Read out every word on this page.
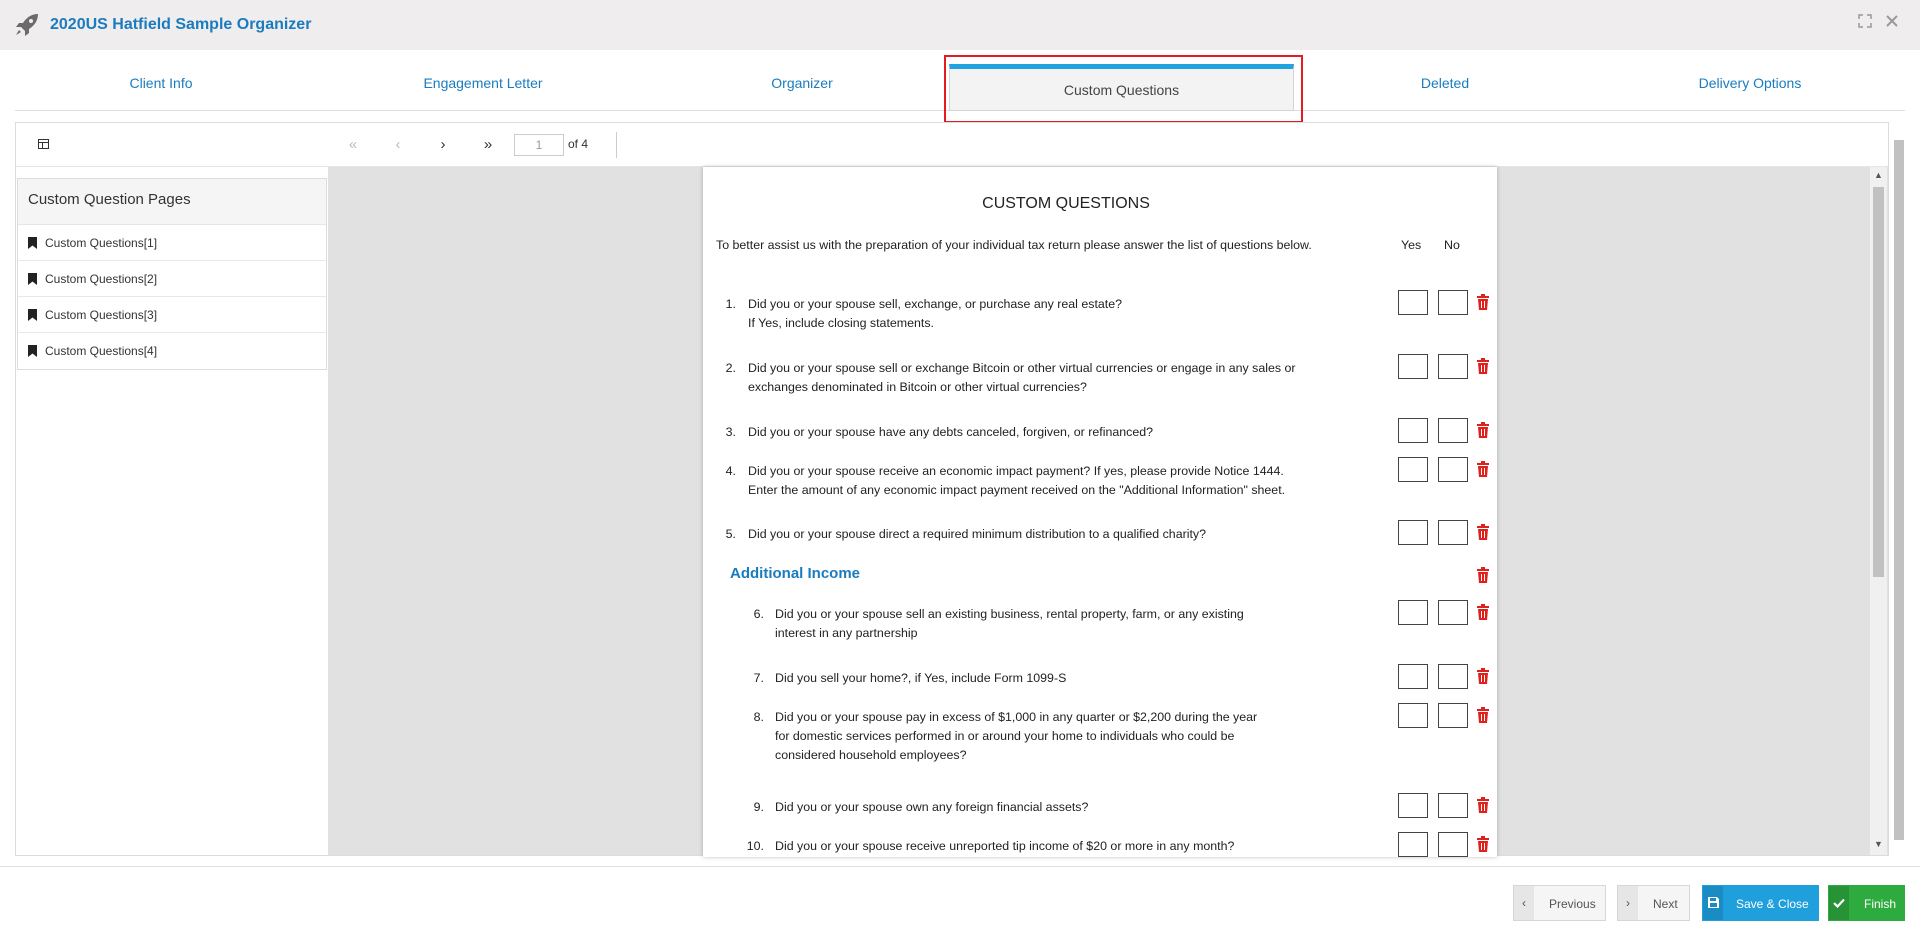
2020US Hatfield Sample Organizer
Client Info	Engagement Letter	Organizer	Custom Questions	Deleted	Delivery Options
«	‹	›	»
1	of 4
Custom Question Pages
Custom Questions[1]
Custom Questions[2]
Custom Questions[3]
Custom Questions[4]
▲
▼
CUSTOM QUESTIONS
To better assist us with the preparation of your individual tax return please answer the list of questions below.	Yes No
Additional Income
1. Did you or your spouse sell, exchange, or purchase any real estate?
If Yes, include closing statements.
2. Did you or your spouse sell or exchange Bitcoin or other virtual currencies or engage in any sales or
exchanges denominated in Bitcoin or other virtual currencies?
3. Did you or your spouse have any debts canceled, forgiven, or refinanced?
4. Did you or your spouse receive an economic impact payment? If yes, please provide Notice 1444.
Enter the amount of any economic impact payment received on the "Additional Information" sheet.
5. Did you or your spouse direct a required minimum distribution to a qualified charity?
6. Did you or your spouse sell an existing business, rental property, farm, or any existing
interest in any partnership
7. Did you sell your home?, if Yes, include Form 1099-S
8. Did you or your spouse pay in excess of $1,000 in any quarter or $2,200 during the year
for domestic services performed in or around your home to individuals who could be
considered household employees?
9. Did you or your spouse own any foreign financial assets?
10. Did you or your spouse receive unreported tip income of $20 or more in any month?
‹	Previous	›	Next	Save & Close	Finish
